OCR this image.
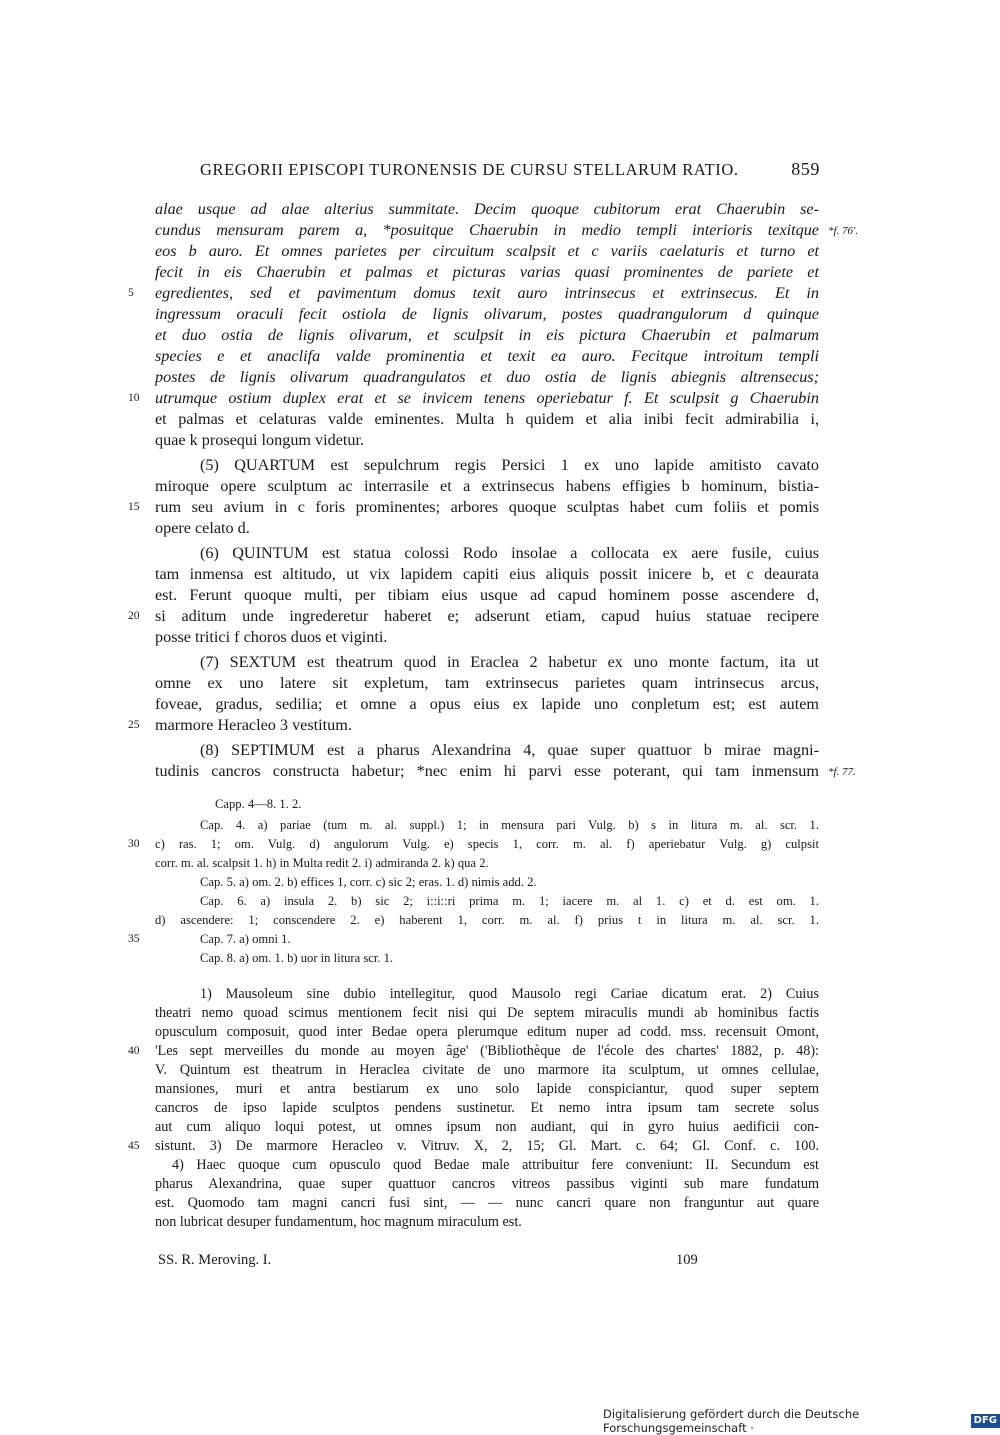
GREGORII EPISCOPI TURONENSIS DE CURSU STELLARUM RATIO.	859
alae usque ad alae alterius summitate. Decim quoque cubitorum erat Chaerubin se-
cundus mensuram parem a, *posuitque Chaerubin in medio templi interioris texitque
eos b auro. Et omnes parietes per circuitum scalpsit et c variis caelaturis et turno et
fecit in eis Chaerubin et palmas et picturas varias quasi prominentes de pariete et
egredientes, sed et pavimentum domus texit auro intrinsecus et extrinsecus. Et in
ingressum oraculi fecit ostiola de lignis olivarum, postes quadrangulorum d quinque
et duo ostia de lignis olivarum, et sculpsit in eis pictura Chaerubin et palmarum
species e et anaclifa valde prominentia et texit ea auro. Fecitque introitum templi
postes de lignis olivarum quadrangulatos et duo ostia de lignis abiegnis altrensecus;
utrumque ostium duplex erat et se invicem tenens operiebatur f. Et sculpsit g Chaerubin
et palmas et celaturas valde eminentes. Multa h quidem et alia inibi fecit admirabilia i,
quae k prosequi longum videtur.
(5) QUARTUM est sepulchrum regis Persici 1 ex uno lapide amitisto cavato
miroque opere sculptum ac interrasile et a extrinsecus habens effigies b hominum, bistia-
rum seu avium in c foris prominentes; arbores quoque sculptas habet cum foliis et pomis
opere celato d.
(6) QUINTUM est statua colossi Rodo insolae a collocata ex aere fusile, cuius
tam inmensa est altitudo, ut vix lapidem capiti eius aliquis possit inicere b, et c deaurata
est. Ferunt quoque multi, per tibiam eius usque ad capud hominem posse ascendere d,
si aditum unde ingrederetur haberet e; adserunt etiam, capud huius statuae recipere
posse tritici f choros duos et viginti.
(7) SEXTUM est theatrum quod in Eraclea 2 habetur ex uno monte factum, ita ut
omne ex uno latere sit expletum, tam extrinsecus parietes quam intrinsecus arcus,
foveae, gradus, sedilia; et omne a opus eius ex lapide uno conpletum est; est autem
marmore Heracleo 3 vestitum.
(8) SEPTIMUM est a pharus Alexandrina 4, quae super quattuor b mirae magni-
tudinis cancros constructa habetur; *nec enim hi parvi esse poterant, qui tam inmensum
*f. 76'.
*f. 77.
Capp. 4—8. 1. 2.
Cap. 4. a) pariae (tum m. al. suppl.) 1; in mensura pari Vulg. b) s in litura m. al. scr. 1.
c) ras. 1; om. Vulg. d) angulorum Vulg. e) specis 1, corr. m. al. f) aperiebatur Vulg. g) culpsit
corr. m. al. scalpsit 1. h) in Multa redit 2. i) admiranda 2. k) qua 2.
Cap. 5. a) om. 2. b) effices 1, corr. c) sic 2; eras. 1. d) nimis add. 2.
Cap. 6. a) insula 2. b) sic 2; i::i::ri prima m. 1; iacere m. al 1. c) et d. est om. 1.
d) ascendere: 1; conscendere 2. e) haberent 1, corr. m. al. f) prius t in litura m. al. scr. 1.
Cap. 7. a) omni 1.
Cap. 8. a) om. 1. b) uor in litura scr. 1.
1) Mausoleum sine dubio intellegitur, quod Mausolo regi Cariae dicatum erat. 2) Cuius
theatri nemo quoad scimus mentionem fecit nisi qui De septem miraculis mundi ab hominibus factis
opusculum composuit, quod inter Bedae opera plerumque editum nuper ad codd. mss. recensuit Omont,
'Les sept merveilles du monde au moyen âge' ('Bibliothèque de l'école des chartes' 1882, p. 48):
V. Quintum est theatrum in Heraclea civitate de uno marmore ita sculptum, ut omnes cellulae,
mansiones, muri et antra bestiarum ex uno solo lapide conspiciantur, quod super septem
cancros de ipso lapide sculptos pendens sustinetur. Et nemo intra ipsum tam secrete solus
aut cum aliquo loqui potest, ut omnes ipsum non audiant, qui in gyro huius aedificii con-
sistunt. 3) De marmore Heracleo v. Vitruv. X, 2, 15; Gl. Mart. c. 64; Gl. Conf. c. 100.
4) Haec quoque cum opusculo quod Bedae male attribuitur fere conveniunt: II. Secundum est
pharus Alexandrina, quae super quattuor cancros vitreos passibus viginti sub mare fundatum
est. Quomodo tam magni cancri fusi sint, — — nunc cancri quare non franguntur aut quare
non lubricat desuper fundamentum, hoc magnum miraculum est.
5
10
15
20
25
30
35
40
45
SS. R. Meroving. I.	109
Digitalisierung gefördert durch die Deutsche Forschungsgemeinschaft ·
DFG
